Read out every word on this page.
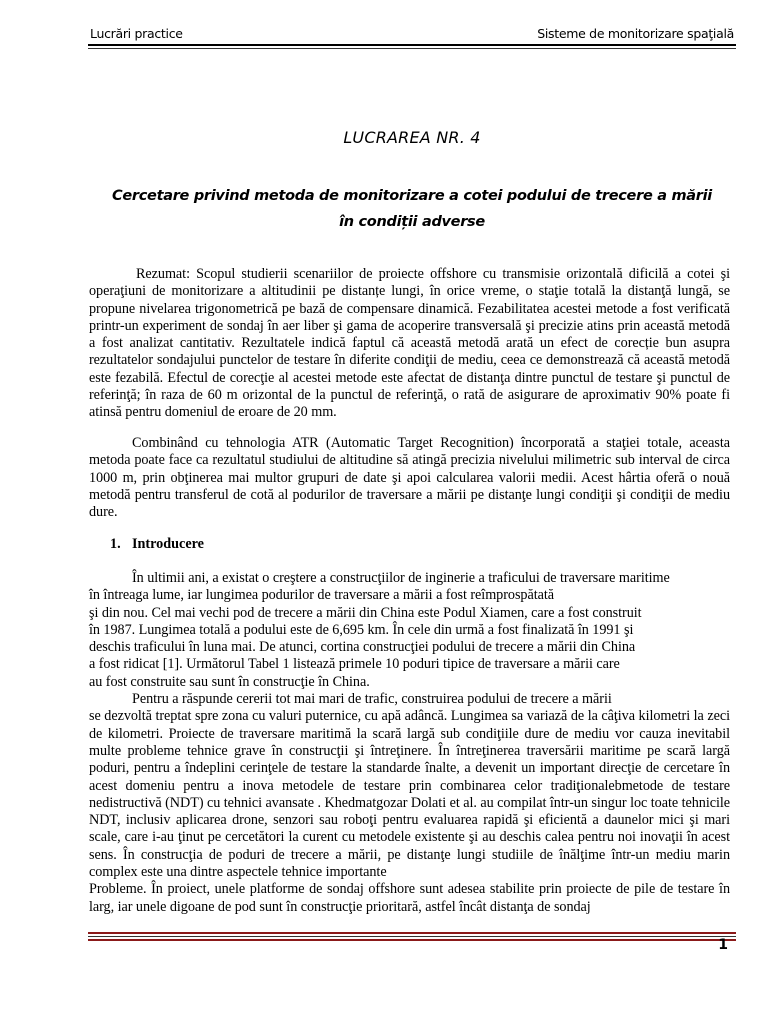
Lucrări practice	Sisteme de monitorizare spaţială
LUCRAREA NR. 4
Cercetare privind metoda de monitorizare a cotei podului de trecere a mării
în condiții adverse

Rezumat: Scopul studierii scenariilor de proiecte offshore cu transmisie orizontală dificilă a cotei şi operaţiuni de monitorizare a altitudinii pe distanțe lungi, în orice vreme, o staţie totală la distanţă lungă, se propune nivelarea trigonometrică pe bază de compensare dinamică. Fezabilitatea acestei metode a fost verificată printr-un experiment de sondaj în aer liber şi gama de acoperire transversală şi precizie atins prin această metodă a fost analizat cantitativ. Rezultatele indică faptul că această metodă arată un efect de corecție bun asupra rezultatelor sondajului punctelor de testare în diferite condiţii de mediu, ceea ce demonstrează că această metodă este fezabilă. Efectul de corecţie al acestei metode este afectat de distanţa dintre punctul de testare şi punctul de referinţă; în raza de 60 m orizontal de la punctul de referinţă, o rată de asigurare de aproximativ 90% poate fi atinsă pentru domeniul de eroare de 20 mm.

Combinând cu tehnologia ATR (Automatic Target Recognition) încorporată a staţiei totale, aceasta metoda poate face ca rezultatul studiului de altitudine să atingă precizia nivelului milimetric sub interval de circa 1000 m, prin obţinerea mai multor grupuri de date şi apoi calcularea valorii medii. Acest hârtia oferă o nouă metodă pentru transferul de cotă al podurilor de traversare a mării pe distanţe lungi condiţii şi condiţii de mediu dure.

1. Introducere

În ultimii ani, a existat o creştere a construcţiilor de inginerie a traficului de traversare maritime

în întreaga lume, iar lungimea podurilor de traversare a mării a fost reîmprospătată

şi din nou. Cel mai vechi pod de trecere a mării din China este Podul Xiamen, care a fost construit

în 1987. Lungimea totală a podului este de 6,695 km. În cele din urmă a fost finalizată în 1991 şi

deschis traficului în luna mai. De atunci, cortina construcţiei podului de trecere a mării din China

a fost ridicat [1]. Următorul Tabel 1 listează primele 10 poduri tipice de traversare a mării care

au fost construite sau sunt în construcţie în China.

Pentru a răspunde cererii tot mai mari de trafic, construirea podului de trecere a mării

se dezvoltă treptat spre zona cu valuri puternice, cu apă adâncă. Lungimea sa variază de la câţiva kilometri la zeci de kilometri. Proiecte de traversare maritimă la scară largă sub condiţiile dure de mediu vor cauza inevitabil multe probleme tehnice grave în construcţii şi întreţinere. În întreţinerea traversării maritime pe scară largă poduri, pentru a îndeplini cerinţele de testare la standarde înalte, a devenit un important direcţie de cercetare în acest domeniu pentru a inova metodele de testare prin combinarea celor tradiţionalebmetode de testare nedistructivă (NDT) cu tehnici avansate . Khedmatgozar Dolati et al. au compilat într-un singur loc toate tehnicile NDT, inclusiv aplicarea drone, senzori sau roboţi pentru evaluarea rapidă şi eficientă a daunelor mici şi mari scale, care i-au ţinut pe cercetători la curent cu metodele existente şi au deschis calea pentru noi inovaţii în acest sens. În construcţia de poduri de trecere a mării, pe distanţe lungi studiile de înălţime într-un mediu marin complex este una dintre aspectele tehnice importante

Probleme. În proiect, unele platforme de sondaj offshore sunt adesea stabilite prin proiecte de pile de testare în larg, iar unele digoane de pod sunt în construcţie prioritară, astfel încât distanţa de sondaj

1
